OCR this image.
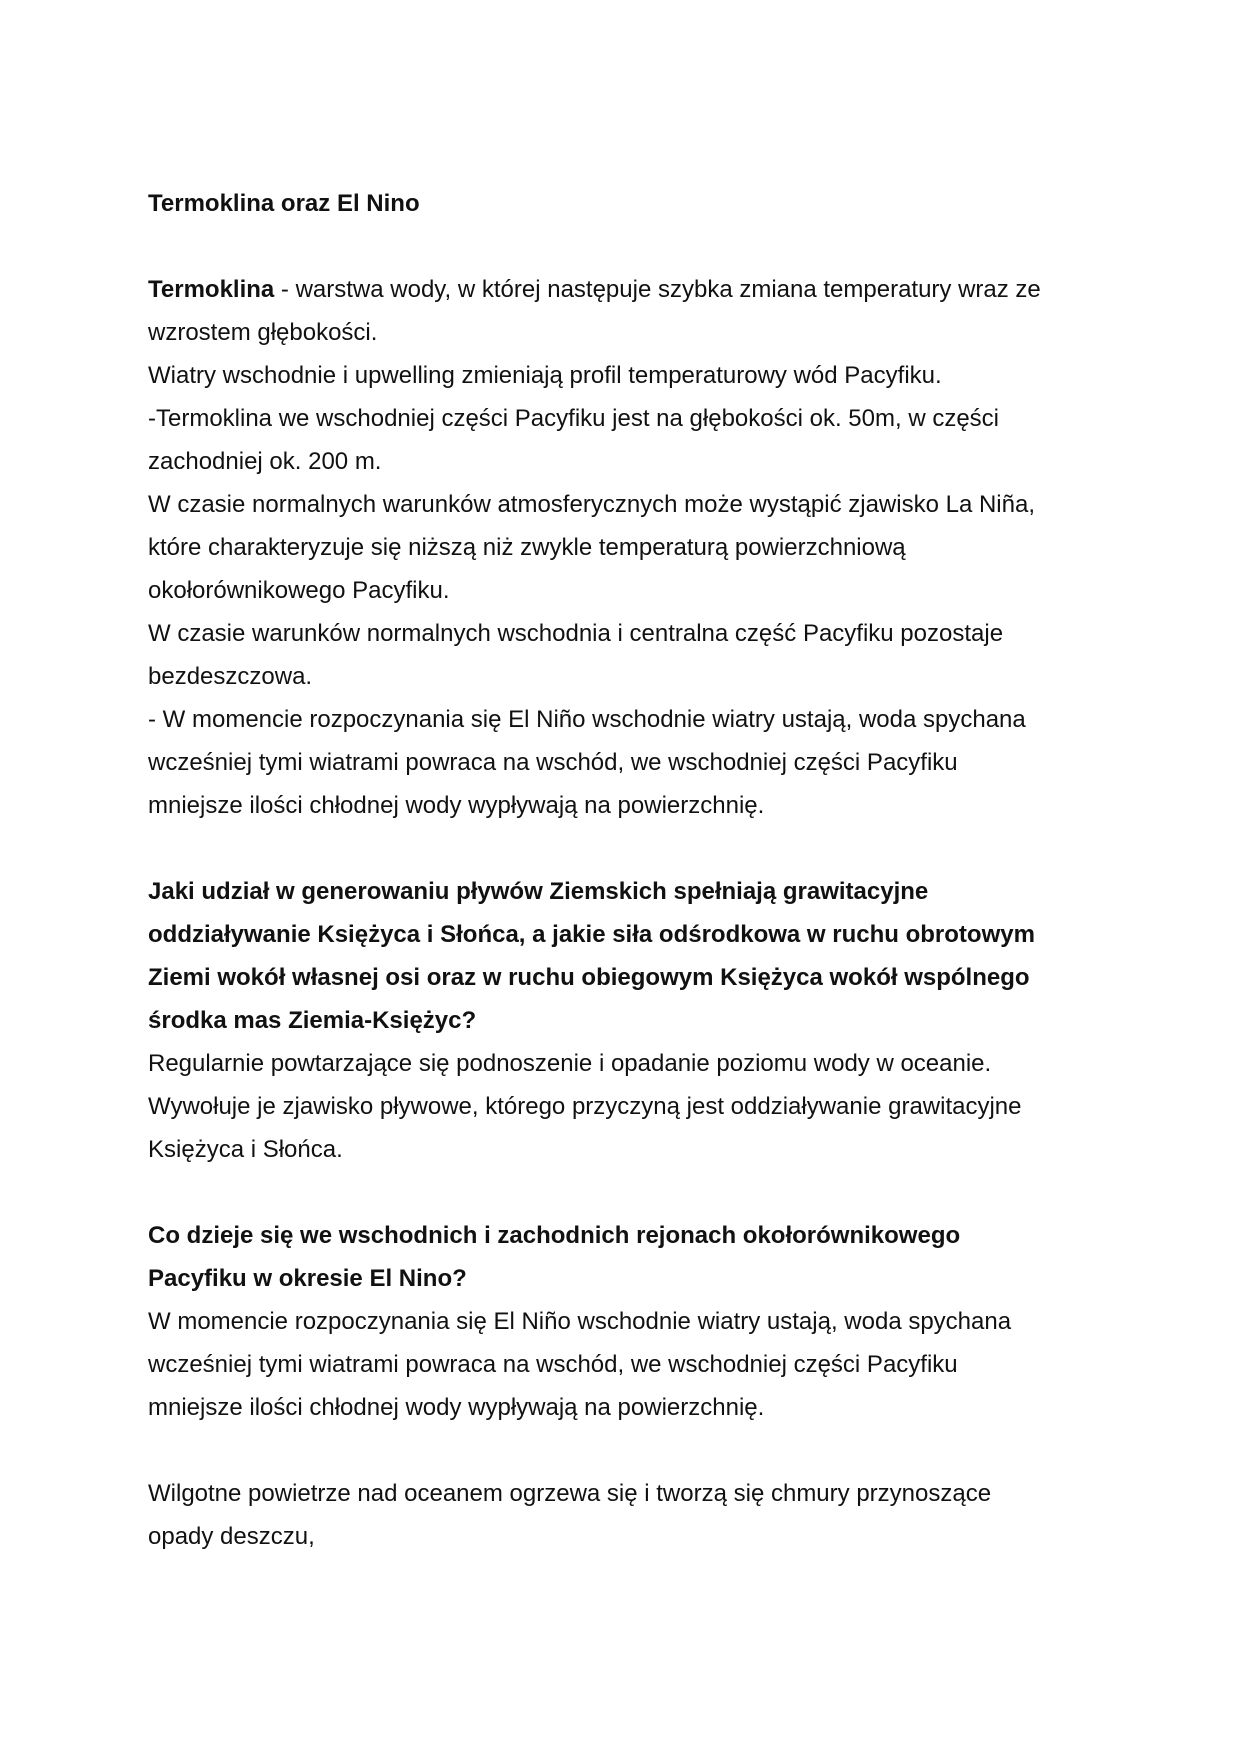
Termoklina oraz El Nino
Termoklina - warstwa wody, w której następuje szybka zmiana temperatury wraz ze
wzrostem głębokości.
Wiatry wschodnie i upwelling zmieniają profil temperaturowy wód Pacyfiku.
-Termoklina we wschodniej części Pacyfiku jest na głębokości ok. 50m, w części
zachodniej ok. 200 m.
W czasie normalnych warunków atmosferycznych może wystąpić zjawisko La Niña,
które charakteryzuje się niższą niż zwykle temperaturą powierzchniową
okołorównikowego Pacyfiku.
W czasie warunków normalnych wschodnia i centralna część Pacyfiku pozostaje
bezdeszczowa.
- W momencie rozpoczynania się El Niño wschodnie wiatry ustają, woda spychana
wcześniej tymi wiatrami powraca na wschód, we wschodniej części Pacyfiku
mniejsze ilości chłodnej wody wypływają na powierzchnię.
Jaki udział w generowaniu pływów Ziemskich spełniają grawitacyjne
oddziaływanie Księżyca i Słońca, a jakie siła odśrodkowa w ruchu obrotowym
Ziemi wokół własnej osi oraz w ruchu obiegowym Księżyca wokół wspólnego
środka mas Ziemia-Księżyc?
Regularnie powtarzające się podnoszenie i opadanie poziomu wody w oceanie.
Wywołuje je zjawisko pływowe, którego przyczyną jest oddziaływanie grawitacyjne
Księżyca i Słońca.
Co dzieje się we wschodnich i zachodnich rejonach okołorównikowego
Pacyfiku w okresie El Nino?
W momencie rozpoczynania się El Niño wschodnie wiatry ustają, woda spychana
wcześniej tymi wiatrami powraca na wschód, we wschodniej części Pacyfiku
mniejsze ilości chłodnej wody wypływają na powierzchnię.
Wilgotne powietrze nad oceanem ogrzewa się i tworzą się chmury przynoszące
opady deszczu,
